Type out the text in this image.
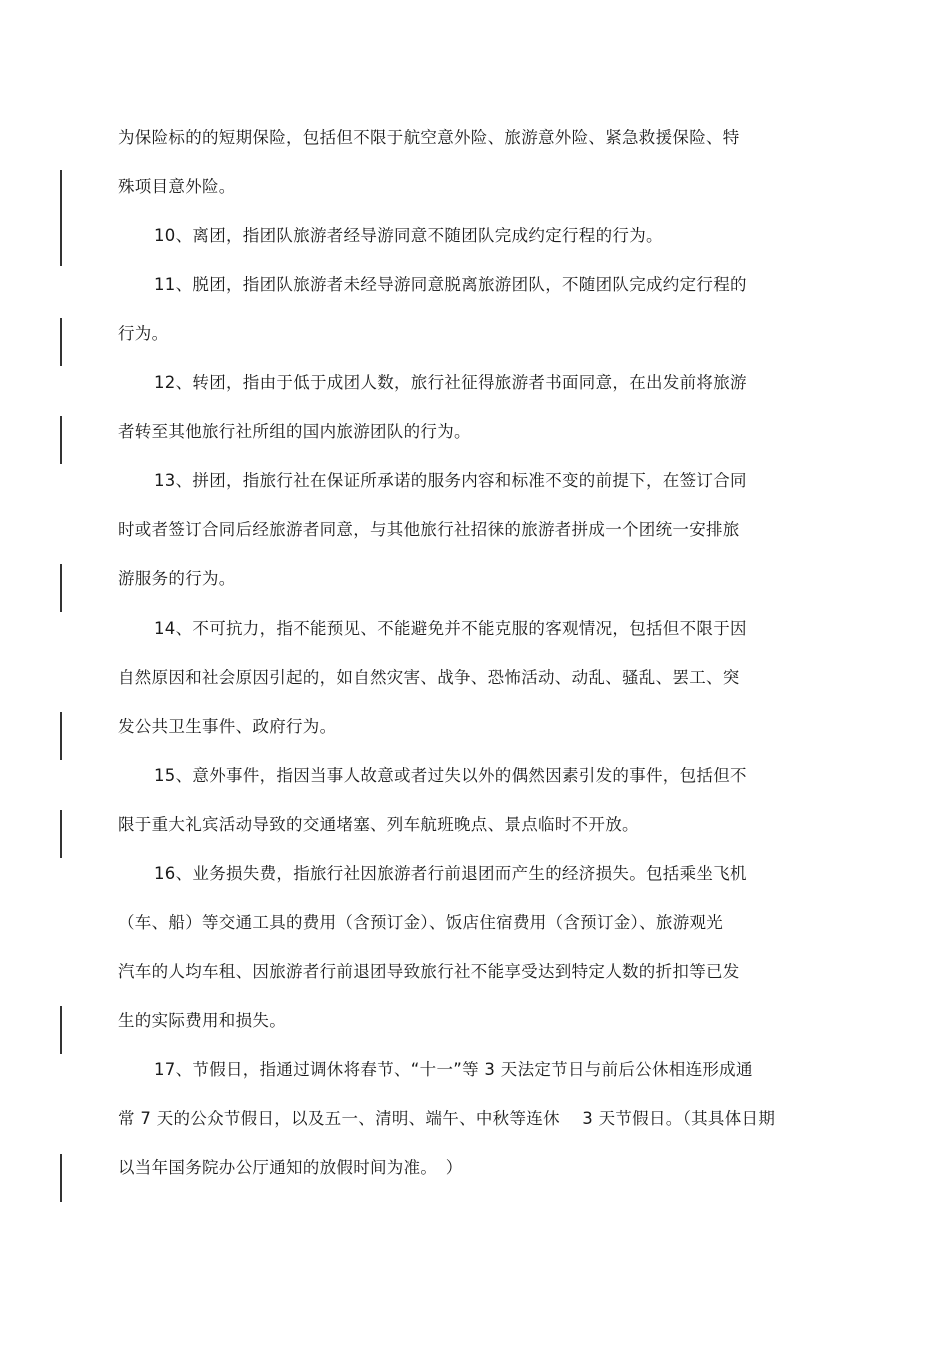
为保险标的的短期保险，包括但不限于航空意外险、旅游意外险、紧急救援保险、特
殊项目意外险。
10、离团，指团队旅游者经导游同意不随团队完成约定行程的行为。
11、脱团，指团队旅游者未经导游同意脱离旅游团队，不随团队完成约定行程的
行为。
12、转团，指由于低于成团人数，旅行社征得旅游者书面同意，在出发前将旅游
者转至其他旅行社所组的国内旅游团队的行为。
13、拼团，指旅行社在保证所承诺的服务内容和标准不变的前提下，在签订合同
时或者签订合同后经旅游者同意，与其他旅行社招徕的旅游者拼成一个团统一安排旅
游服务的行为。
14、不可抗力，指不能预见、不能避免并不能克服的客观情况，包括但不限于因
自然原因和社会原因引起的，如自然灾害、战争、恐怖活动、动乱、骚乱、罢工、突
发公共卫生事件、政府行为。
15、意外事件，指因当事人故意或者过失以外的偶然因素引发的事件，包括但不
限于重大礼宾活动导致的交通堵塞、列车航班晚点、景点临时不开放。
16、业务损失费，指旅行社因旅游者行前退团而产生的经济损失。包括乘坐飞机
（车、船）等交通工具的费用（含预订金）、饭店住宿费用（含预订金）、旅游观光
汽车的人均车租、因旅游者行前退团导致旅行社不能享受达到特定人数的折扣等已发
生的实际费用和损失。
17、节假日，指通过调休将春节、“十一”等 3 天法定节日与前后公休相连形成通
常 7 天的公众节假日，以及五一、清明、端午、中秋等连休　 3 天节假日。（其具体日期
以当年国务院办公厅通知的放假时间为准。　）
